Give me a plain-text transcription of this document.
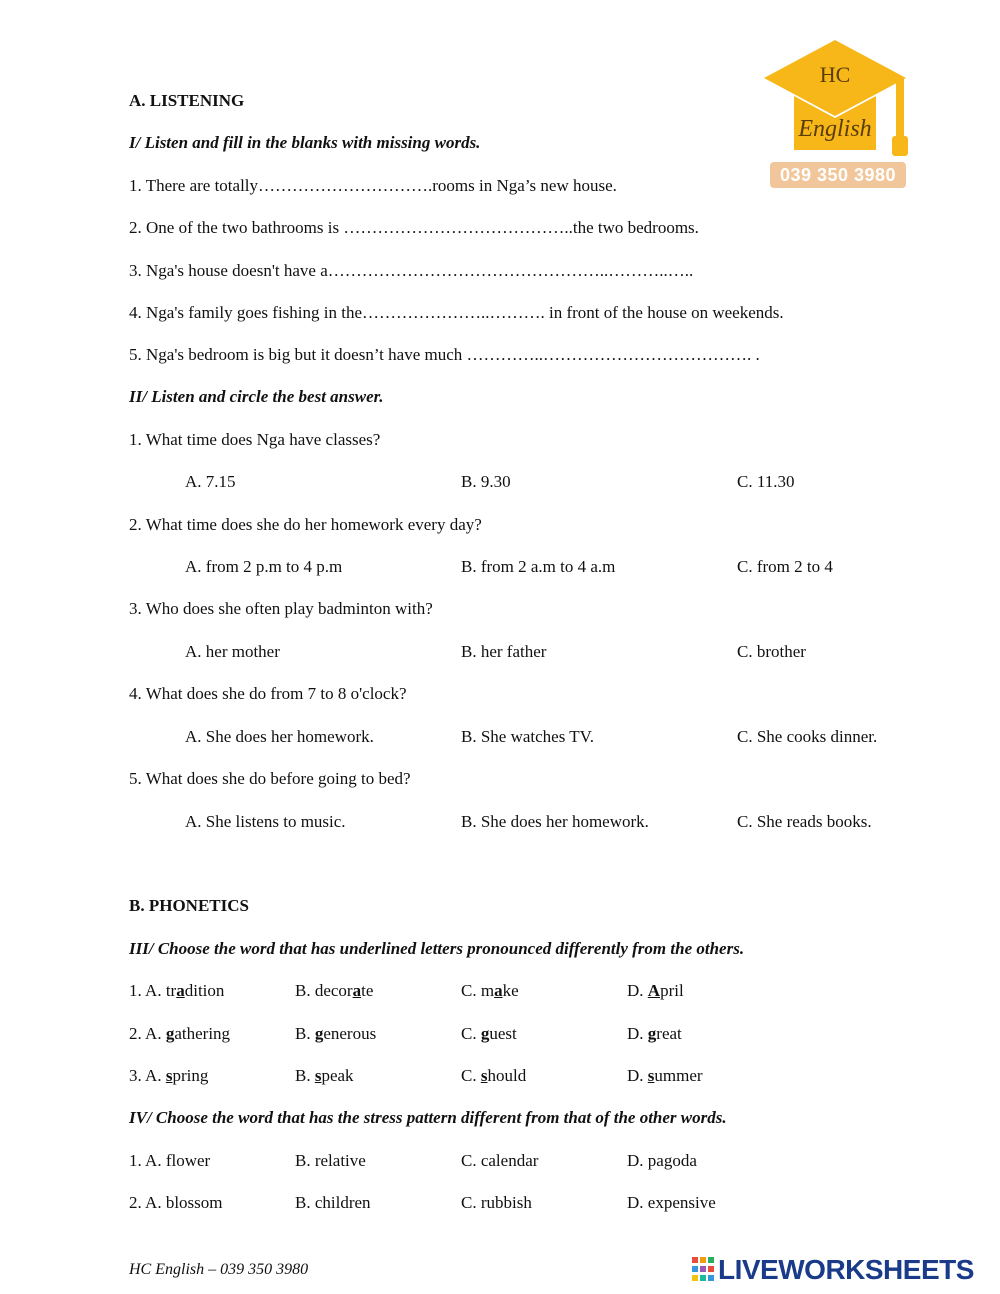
HC
English
039 350 3980
A. LISTENING
I/ Listen and fill in the blanks with missing words.
1. There are totally………………………….rooms in Nga’s new house.
2. One of the two bathrooms is …………………………………..the two bedrooms.
3. Nga's house doesn't have a…………………………………………..………..…..
4. Nga's family goes fishing in the…………………..………. in front of the house on weekends.
5. Nga's bedroom is big but it doesn’t have much …………..………………………………. .
II/ Listen and circle the best answer.
1. What time does Nga have classes?
A. 7.15	B. 9.30	C. 11.30
2. What time does she do her homework every day?
A. from 2 p.m to 4 p.m	B. from 2 a.m to 4 a.m	C. from 2 to 4
3. Who does she often play badminton with?
A. her mother	B. her father	C. brother
4. What does she do from 7 to 8 o'clock?
A. She does her homework.	B. She watches TV.	C. She cooks dinner.
5. What does she do before going to bed?
A. She listens to music.	B. She does her homework.	C. She reads books.
B. PHONETICS
III/ Choose the word that has underlined letters pronounced differently from the others.
1. A. tradition	B. decorate	C. make	D. April
2. A. gathering	B. generous	C. guest	D. great
3. A. spring	B. speak	C. should	D. summer
IV/ Choose the word that has the stress pattern different from that of the other words.
1. A. flower	B. relative	C. calendar	D. pagoda
2. A. blossom	B. children	C. rubbish	D. expensive
HC English – 039 350 3980	LIVEWORKSHEETS
